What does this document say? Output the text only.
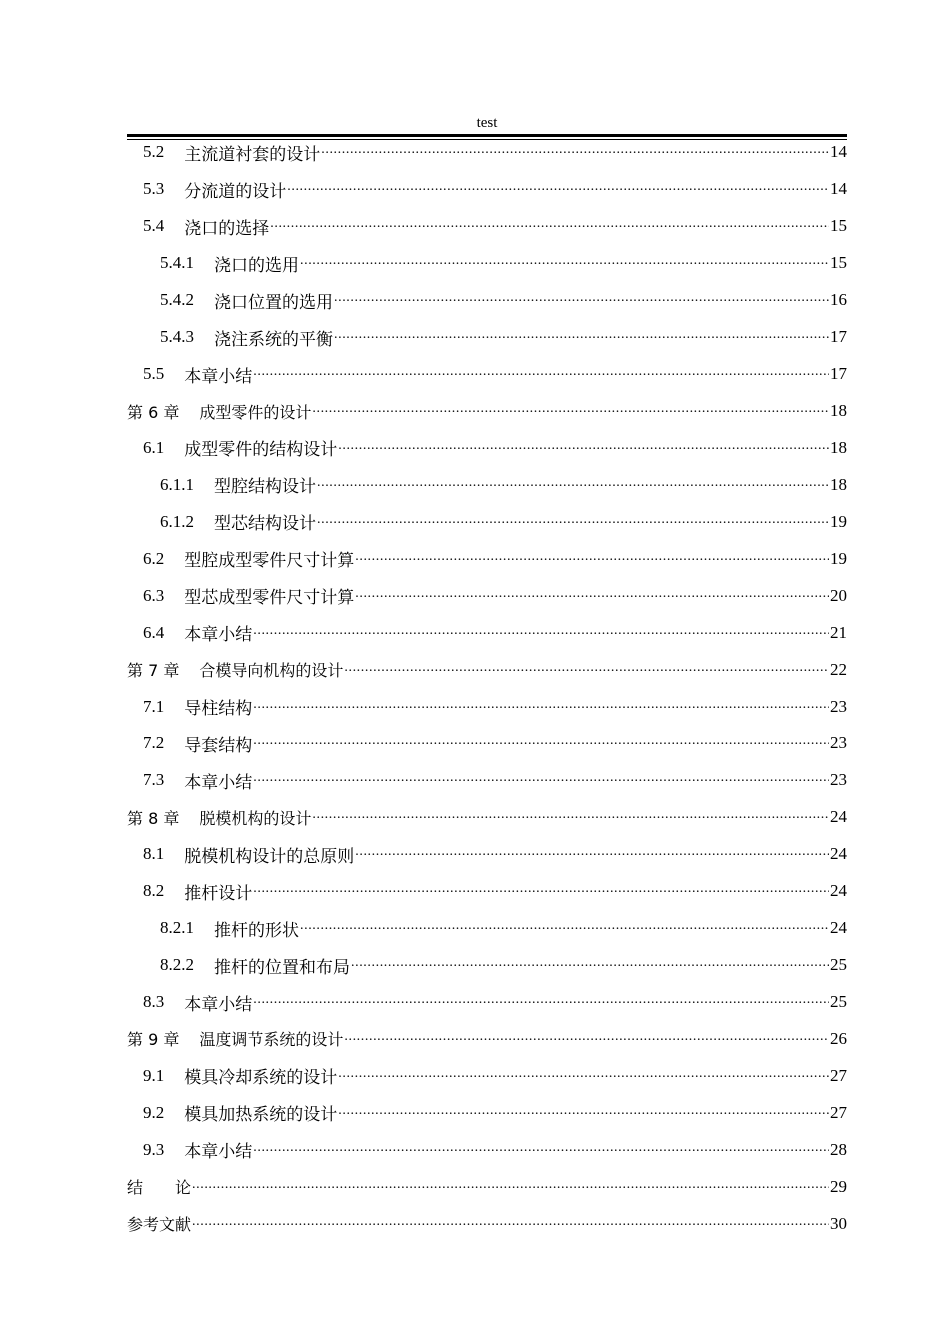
test
5.2 主流道衬套的设计 .....	14
5.3 分流道的设计 .....	14
5.4 浇口的选择 .....	15
5.4.1 浇口的选用 .....	15
5.4.2 浇口位置的选用 .....	16
5.4.3 浇注系统的平衡 .....	17
5.5 本章小结 .....	17
第 6 章 成型零件的设计 .....	18
6.1 成型零件的结构设计 .....	18
6.1.1 型腔结构设计 .....	18
6.1.2 型芯结构设计 .....	19
6.2 型腔成型零件尺寸计算 .....	19
6.3 型芯成型零件尺寸计算 .....	20
6.4 本章小结 .....	21
第 7 章 合模导向机构的设计 .....	22
7.1 导柱结构 .....	23
7.2 导套结构 .....	23
7.3 本章小结 .....	23
第 8 章 脱模机构的设计 .....	24
8.1 脱模机构设计的总原则 .....	24
8.2 推杆设计 .....	24
8.2.1 推杆的形状 .....	24
8.2.2 推杆的位置和布局 .....	25
8.3 本章小结 .....	25
第 9 章 温度调节系统的设计 .....	26
9.1 模具冷却系统的设计 .....	27
9.2 模具加热系统的设计 .....	27
9.3 本章小结 .....	28
结　　论 .....	29
参考文献 .....	30
